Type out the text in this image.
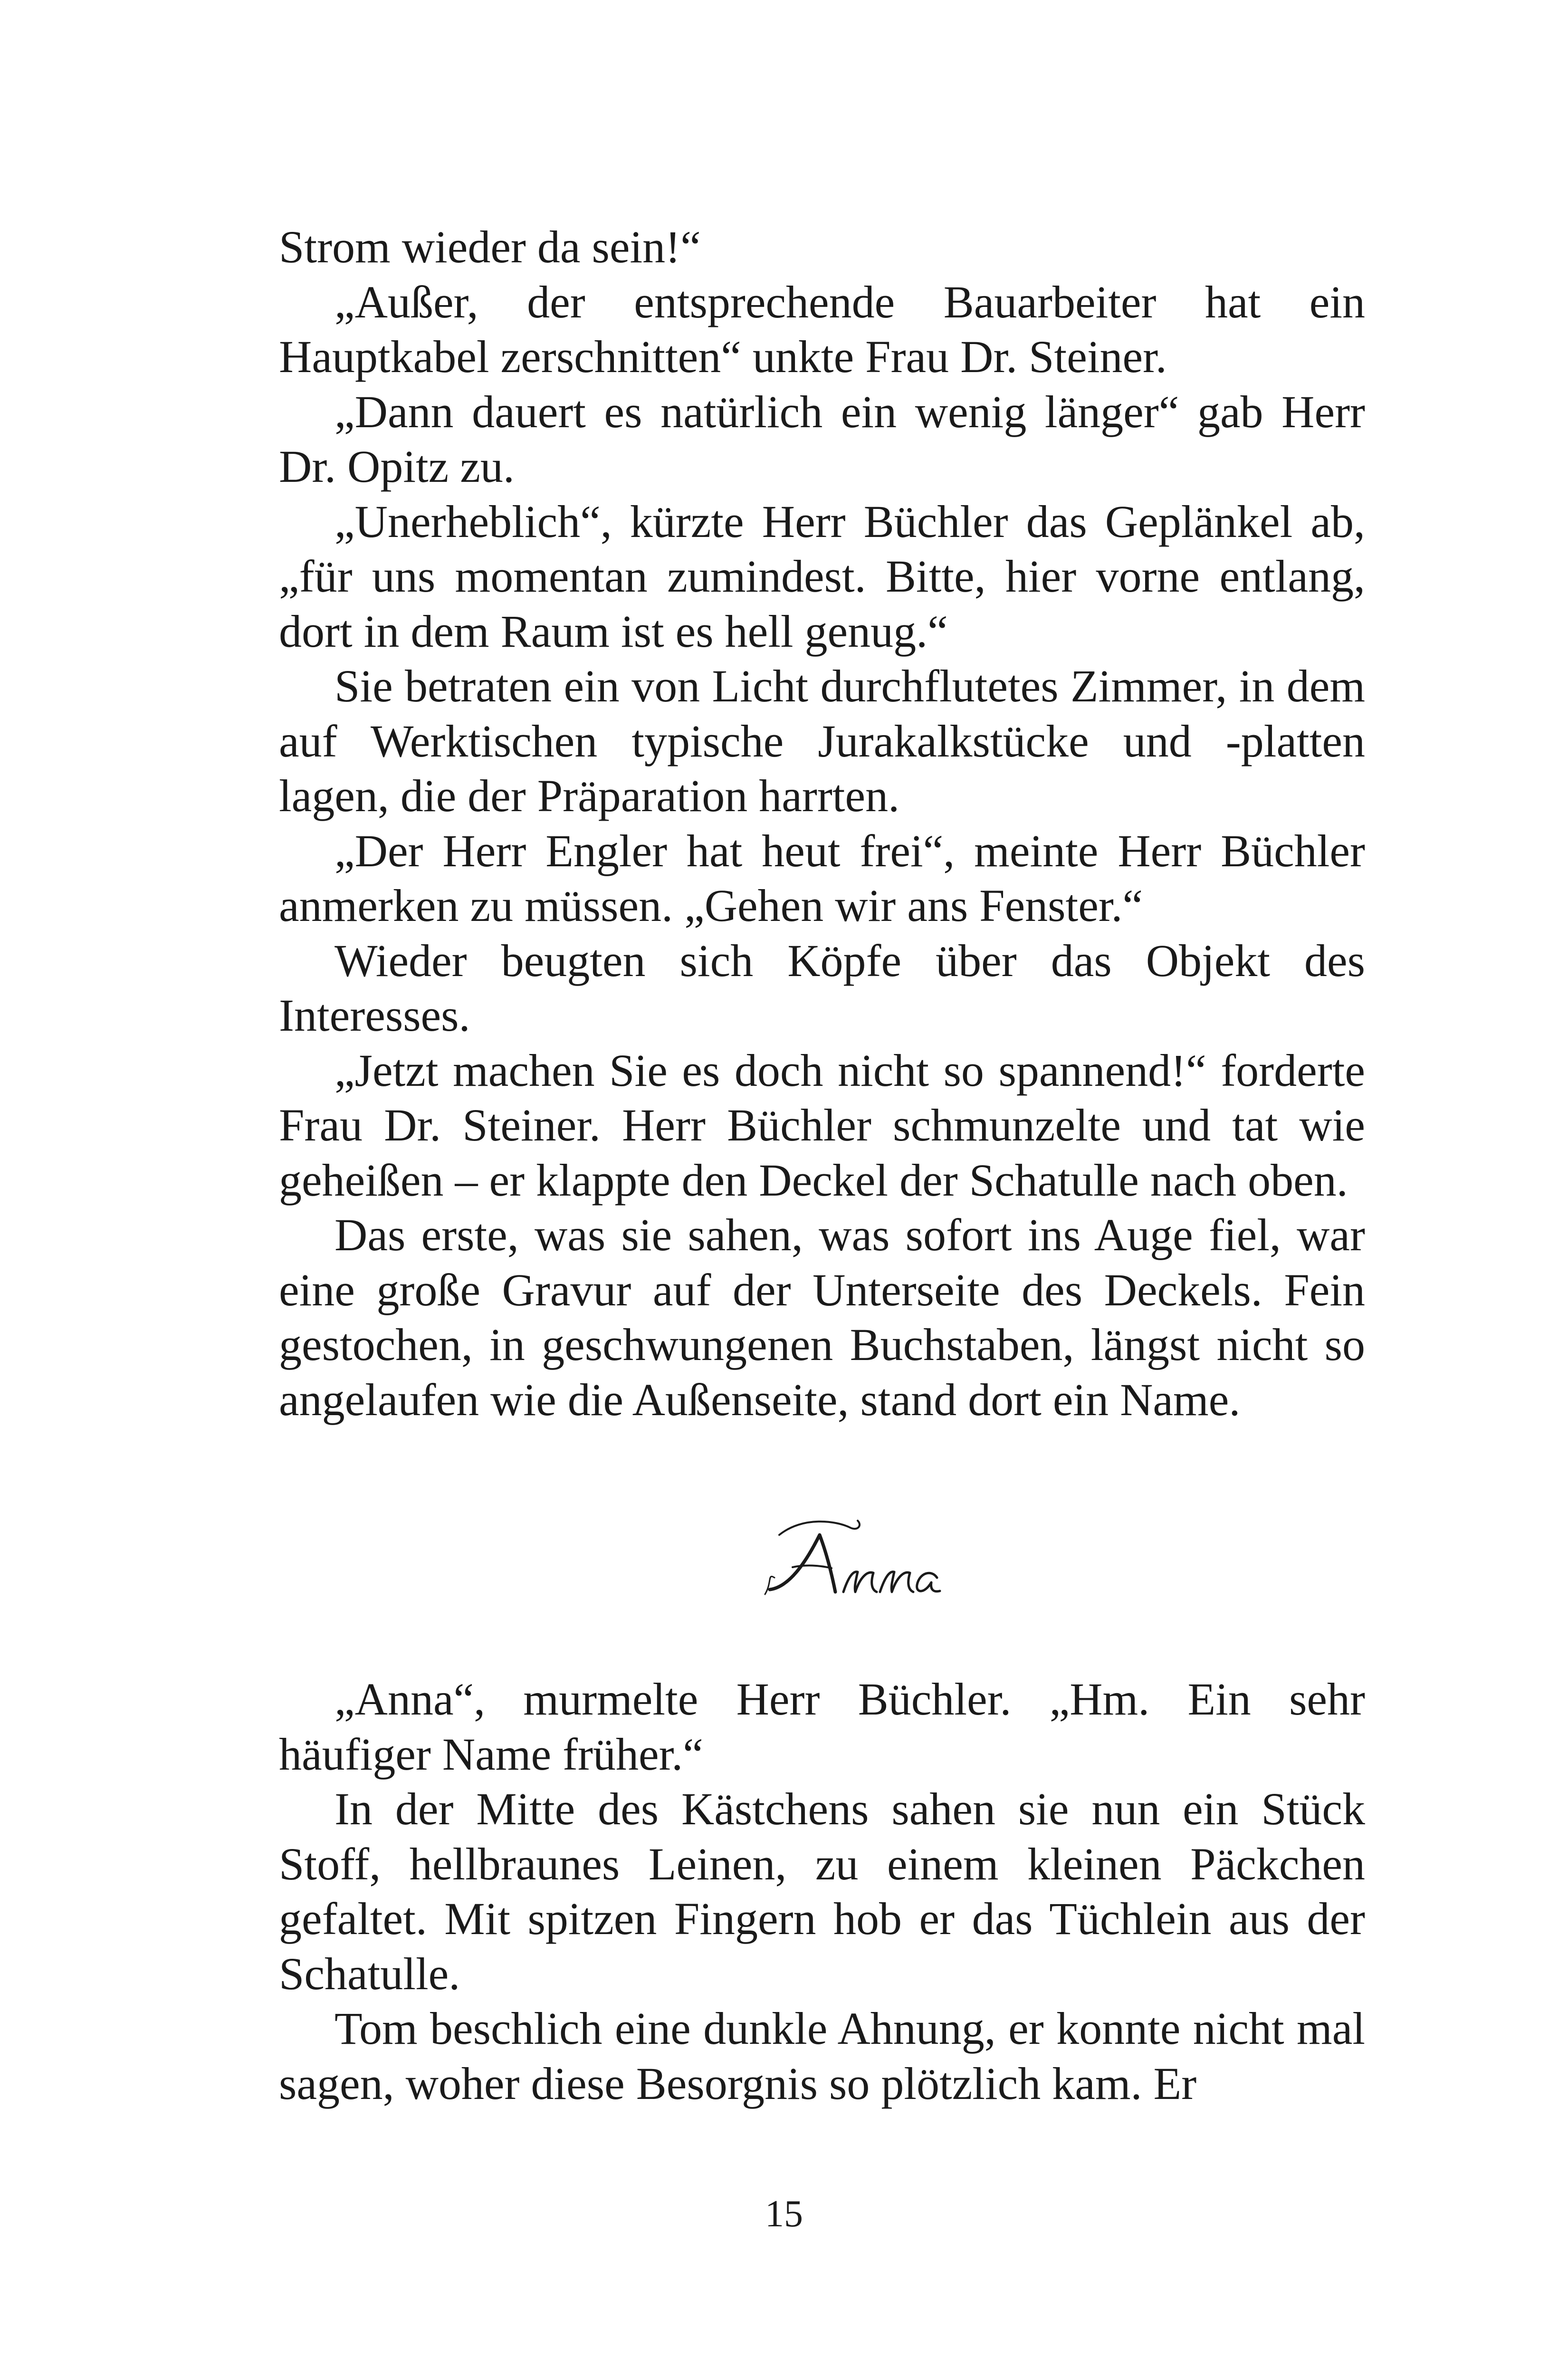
Strom wieder da sein!“

„Außer, der entsprechende Bauarbeiter hat ein Hauptkabel zerschnitten“ unkte Frau Dr. Steiner.

„Dann dauert es natürlich ein wenig länger“ gab Herr Dr. Opitz zu.

„Unerheblich“, kürzte Herr Büchler das Geplänkel ab, „für uns momentan zumindest. Bitte, hier vorne entlang, dort in dem Raum ist es hell genug.“

Sie betraten ein von Licht durchflutetes Zimmer, in dem auf Werktischen typische Jurakalkstücke und -platten lagen, die der Präparation harrten.

„Der Herr Engler hat heut frei“, meinte Herr Büchler anmerken zu müssen. „Gehen wir ans Fenster.“

Wieder beugten sich Köpfe über das Objekt des Interesses.

„Jetzt machen Sie es doch nicht so spannend!“ forderte Frau Dr. Steiner. Herr Büchler schmunzelte und tat wie geheißen – er klappte den Deckel der Schatulle nach oben.

Das erste, was sie sahen, was sofort ins Auge fiel, war eine große Gravur auf der Unterseite des Deckels. Fein gestochen, in geschwungenen Buchstaben, längst nicht so angelaufen wie die Außenseite, stand dort ein Name.

„Anna“, murmelte Herr Büchler. „Hm. Ein sehr häufiger Name früher.“

In der Mitte des Kästchens sahen sie nun ein Stück Stoff, hellbraunes Leinen, zu einem kleinen Päckchen gefaltet. Mit spitzen Fingern hob er das Tüchlein aus der Schatulle.

Tom beschlich eine dunkle Ahnung, er konnte nicht mal sagen, woher diese Besorgnis so plötzlich kam. Er

15
